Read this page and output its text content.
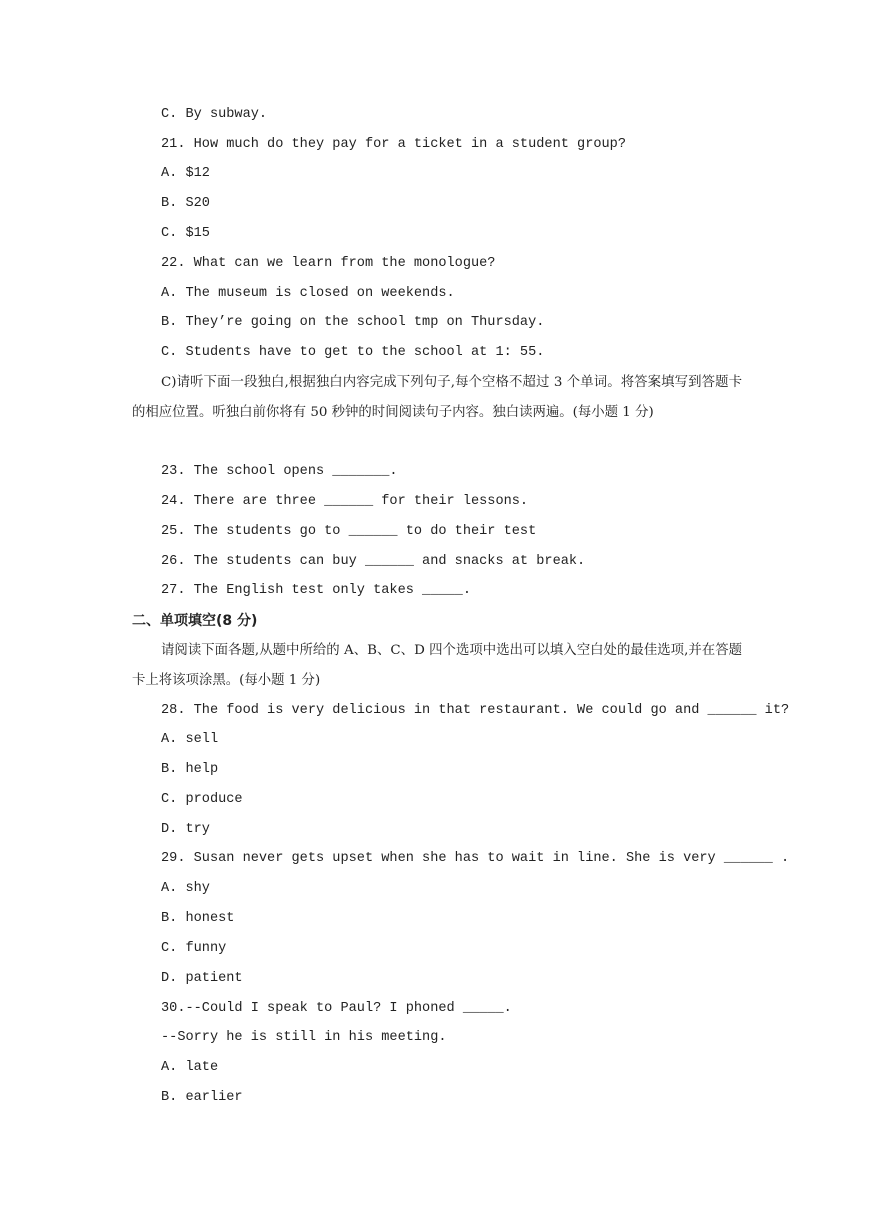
C. By subway.

21. How much do they pay for a ticket in a student group?

A. $12

B. S20

C. $15

22. What can we learn from the monologue?

A. The museum is closed on weekends.

B. They’re going on the school tmp on Thursday.

C. Students have to get to the school at 1: 55.

C)请听下面一段独白,根据独白内容完成下列句子,每个空格不超过 3 个单词。将答案填写到答题卡的相应位置。听独白前你将有 50 秒钟的时间阅读句子内容。独白读两遍。(每小题 1 分)

23. The school opens _______.

24. There are three ______ for their lessons.

25. The students go to ______ to do their test

26. The students can buy ______ and snacks at break.

27. The English test only takes _____.

二、单项填空(8 分)

请阅读下面各题,从题中所给的 A、B、C、D 四个选项中选出可以填入空白处的最佳选项,并在答题卡上将该项涂黑。(每小题 1 分)

28. The food is very delicious in that restaurant. We could go and ______ it?

A. sell

B. help

C. produce

D. try

29. Susan never gets upset when she has to wait in line. She is very ______ .

A. shy

B. honest

C. funny

D. patient

30.--Could I speak to Paul? I phoned _____.

--Sorry he is still in his meeting.

A. late

B. earlier
